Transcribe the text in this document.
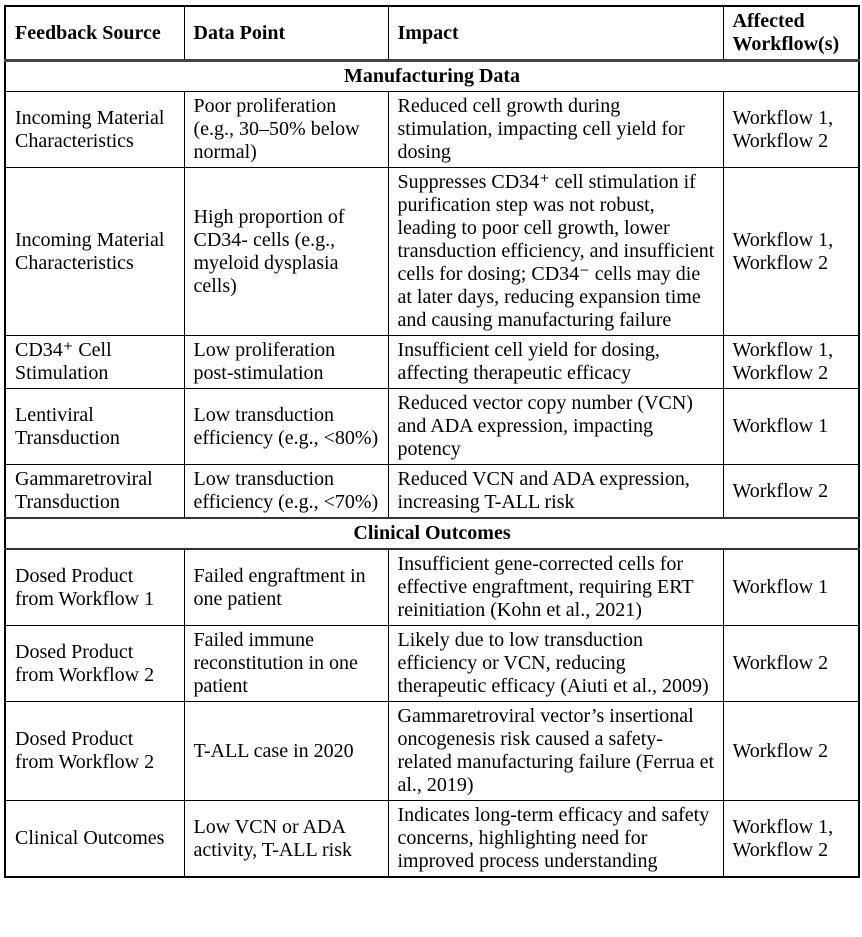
Feedback Source	Data Point	Impact	Affected Workflow(s)
Manufacturing Data			
Incoming Material Characteristics	Poor proliferation (e.g., 30–50% below normal)	Reduced cell growth during stimulation, impacting cell yield for dosing	Workflow 1, Workflow 2
Incoming Material Characteristics	High proportion of CD34- cells (e.g., myeloid dysplasia cells)	Suppresses CD34⁺ cell stimulation if purification step was not robust, leading to poor cell growth, lower transduction efficiency, and insufficient cells for dosing; CD34⁻ cells may die at later days, reducing expansion time and causing manufacturing failure	Workflow 1, Workflow 2
CD34⁺ Cell Stimulation	Low proliferation post-stimulation	Insufficient cell yield for dosing, affecting therapeutic efficacy	Workflow 1, Workflow 2
Lentiviral Transduction	Low transduction efficiency (e.g., <80%)	Reduced vector copy number (VCN) and ADA expression, impacting potency	Workflow 1
Gammaretroviral Transduction	Low transduction efficiency (e.g., <70%)	Reduced VCN and ADA expression, increasing T-ALL risk	Workflow 2
Clinical Outcomes			
Dosed Product from Workflow 1	Failed engraftment in one patient	Insufficient gene-corrected cells for effective engraftment, requiring ERT reinitiation (Kohn et al., 2021)	Workflow 1
Dosed Product from Workflow 2	Failed immune reconstitution in one patient	Likely due to low transduction efficiency or VCN, reducing therapeutic efficacy (Aiuti et al., 2009)	Workflow 2
Dosed Product from Workflow 2	T-ALL case in 2020	Gammaretroviral vector’s insertional oncogenesis risk caused a safety-related manufacturing failure (Ferrua et al., 2019)	Workflow 2
Clinical Outcomes	Low VCN or ADA activity, T-ALL risk	Indicates long-term efficacy and safety concerns, highlighting need for improved process understanding	Workflow 1, Workflow 2
